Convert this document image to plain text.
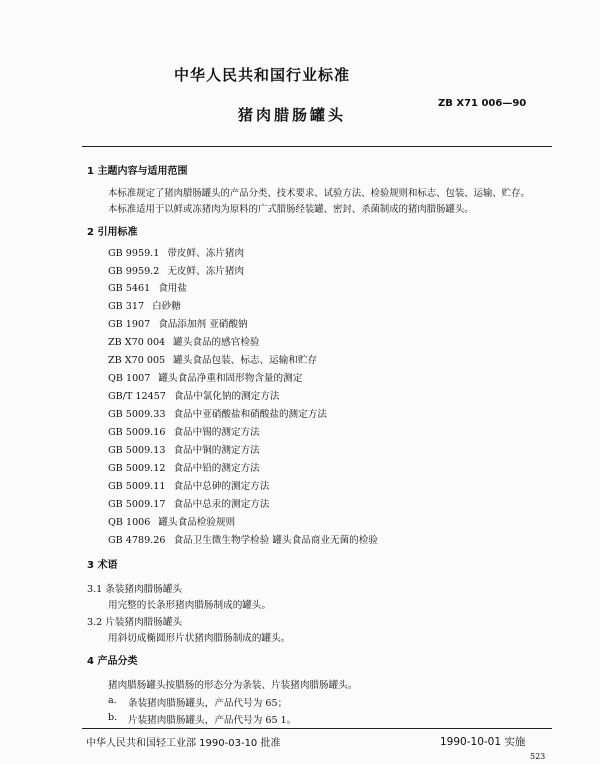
中华人民共和国行业标准
猪肉腊肠罐头
ZB X71 006—90
1 主题内容与适用范围
本标准规定了猪肉腊肠罐头的产品分类、技术要求、试验方法、检验规则和标志、包装、运输、贮存。
本标准适用于以鲜或冻猪肉为原料的广式腊肠经装罐、密封、杀菌制成的猪肉腊肠罐头。
2 引用标准
GB 9959.1 带皮鲜、冻片猪肉
GB 9959.2 无皮鲜、冻片猪肉
GB 5461 食用盐
GB 317 白砂糖
GB 1907 食品添加剂 亚硝酸钠
ZB X70 004 罐头食品的感官检验
ZB X70 005 罐头食品包装、标志、运输和贮存
QB 1007 罐头食品净重和固形物含量的测定
GB/T 12457 食品中氯化钠的测定方法
GB 5009.33 食品中亚硝酸盐和硝酸盐的测定方法
GB 5009.16 食品中锡的测定方法
GB 5009.13 食品中铜的测定方法
GB 5009.12 食品中铅的测定方法
GB 5009.11 食品中总砷的测定方法
GB 5009.17 食品中总汞的测定方法
QB 1006 罐头食品检验规则
GB 4789.26 食品卫生微生物学检验 罐头食品商业无菌的检验
3 术语
3.1 条装猪肉腊肠罐头
用完整的长条形猪肉腊肠制成的罐头。
3.2 片装猪肉腊肠罐头
用斜切成椭圆形片状猪肉腊肠制成的罐头。
4 产品分类
猪肉腊肠罐头按腊肠的形态分为条装、片装猪肉腊肠罐头。
a. 条装猪肉腊肠罐头，产品代号为 65；
b. 片装猪肉腊肠罐头，产品代号为 65 1。
中华人民共和国轻工业部 1990-03-10 批准	1990-10-01 实施
523
